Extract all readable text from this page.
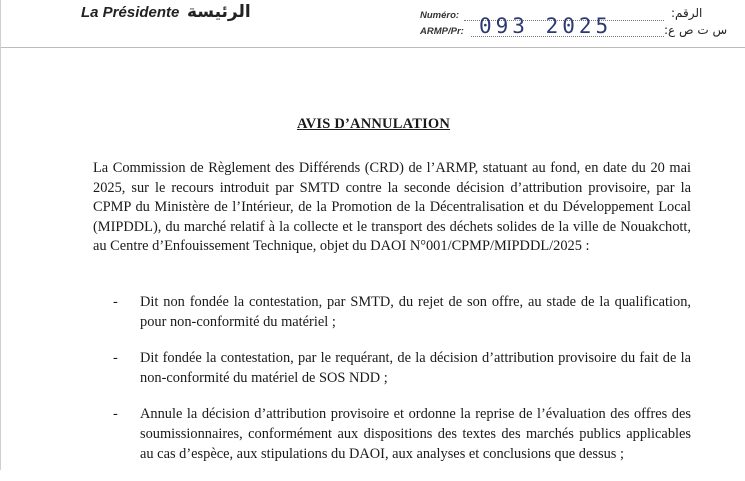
La Présidente الرئيسة	Numéro:
ARMP/Pr: 093 2025
الرقم:
س ت ص ع:
AVIS D’ANNULATION

La Commission de Règlement des Différends (CRD) de l’ARMP, statuant au fond, en date du 20 mai 2025, sur le recours introduit par SMTD contre la seconde décision d’attribution provisoire, par la CPMP du Ministère de l’Intérieur, de la Promotion de la Décentralisation et du Développement Local (MIPDDL), du marché relatif à la collecte et le transport des déchets solides de la ville de Nouakchott, au Centre d’Enfouissement Technique, objet du DAOI N°001/CPMP/MIPDDL/2025 :

-	Dit non fondée la contestation, par SMTD, du rejet de son offre, au stade de la qualification, pour non-conformité du matériel ;
-	Dit fondée la contestation, par le requérant, de la décision d’attribution provisoire du fait de la non-conformité du matériel de SOS NDD ;
-	Annule la décision d’attribution provisoire et ordonne la reprise de l’évaluation des offres des soumissionnaires, conformément aux dispositions des textes des marchés publics applicables au cas d’espèce, aux stipulations du DAOI, aux analyses et conclusions que dessus ;
